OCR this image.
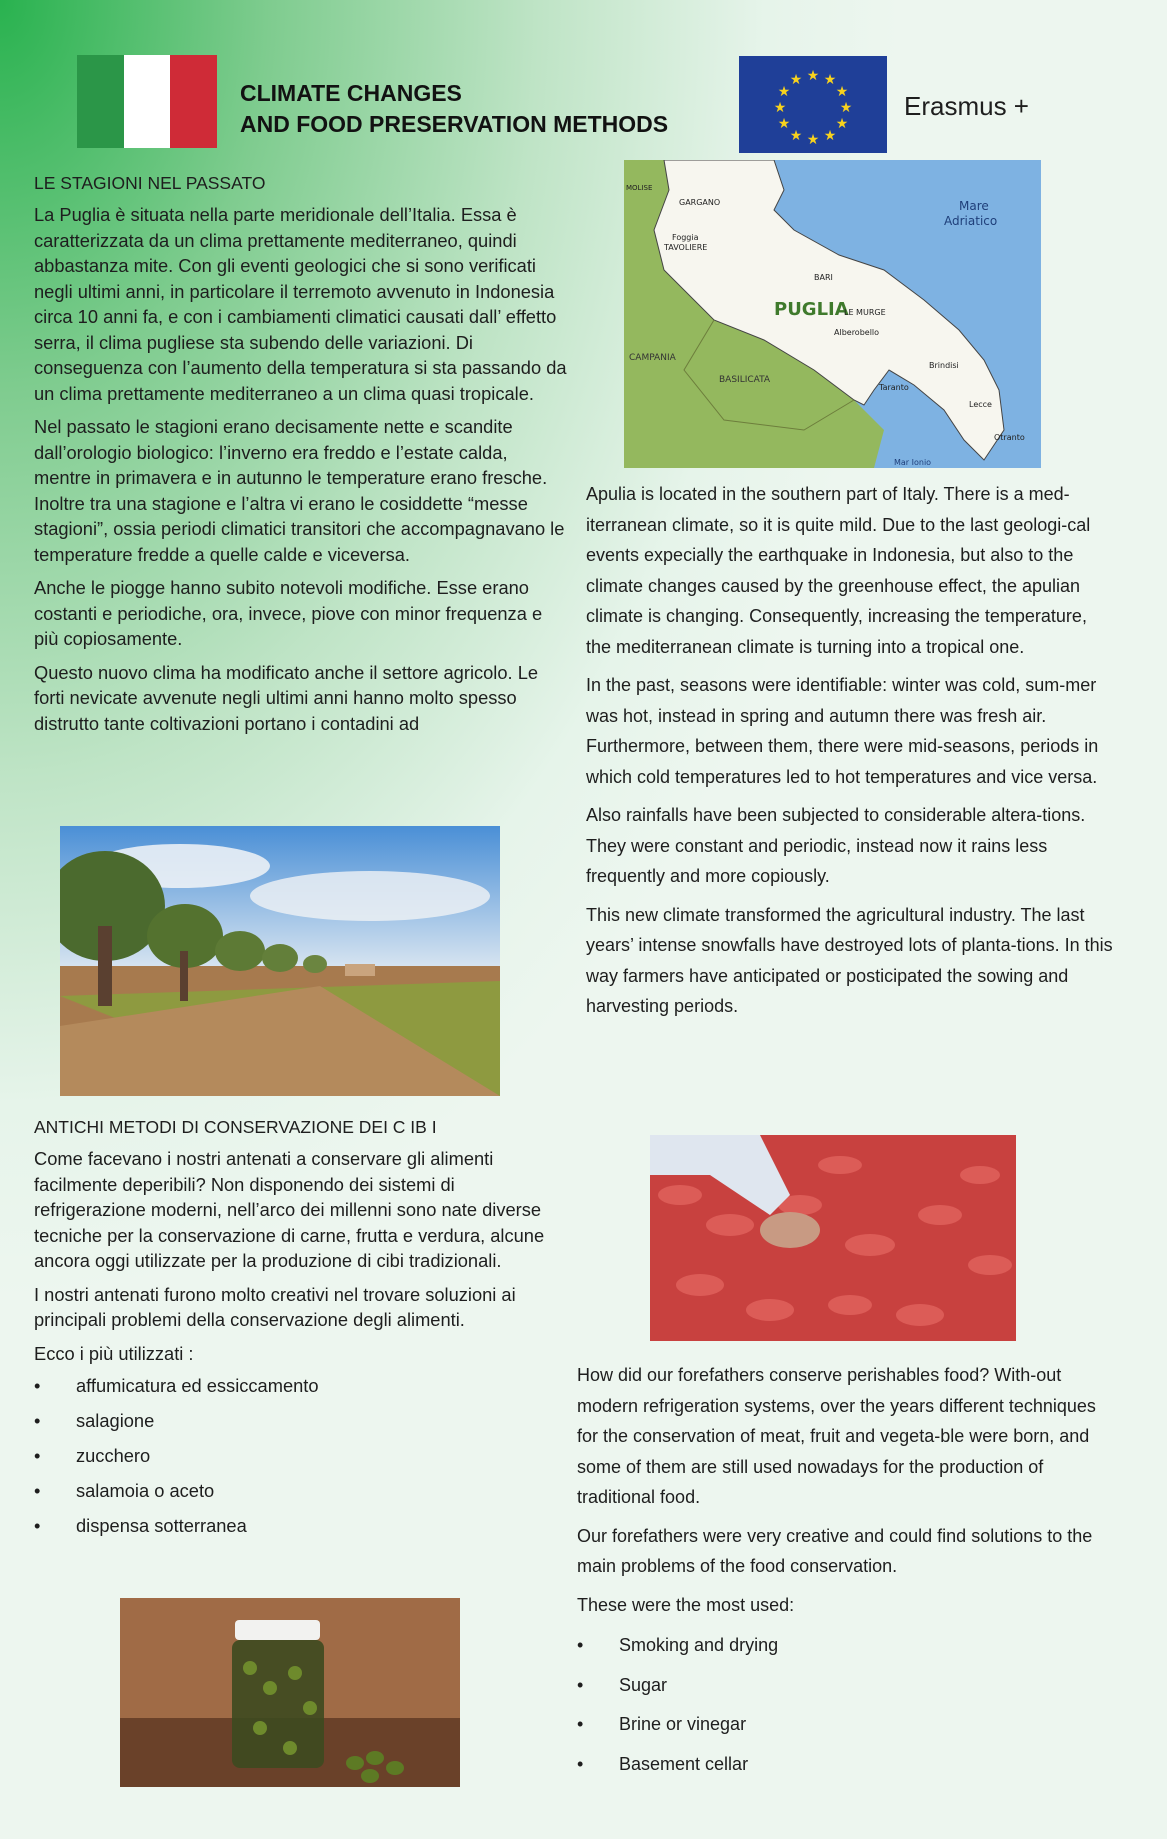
CLIMATE CHANGES
AND FOOD PRESERVATION METHODS
★ ★
★
★
★
★
★
★
★
★
★
★
Erasmus +
PUGLIA
Mare
Adriatico
CAMPANIA
BASILICATA
GARGANO
TAVOLIERE
Foggia
BARI
LE MURGE
Alberobello
Taranto
Brindisi
Lecce
Otranto
MOLISE
Mar Ionio
LE STAGIONI NEL PASSATO

La Puglia è situata nella parte meridionale dell’Italia. Essa è caratterizzata da un clima prettamente mediterraneo, quindi abbastanza mite. Con gli eventi geologici che si sono verificati negli ultimi anni, in particolare il terremoto avvenuto in Indonesia circa 10 anni fa, e con i cambiamenti climatici causati dall’ effetto serra, il clima pugliese sta subendo delle variazioni. Di conseguenza con l’aumento della temperatura si sta passando da un clima prettamente mediterraneo a un clima quasi tropicale.

Nel passato le stagioni erano decisamente nette e scandite dall’orologio biologico: l’inverno era freddo e l’estate calda, mentre in primavera e in autunno le temperature erano fresche. Inoltre tra una stagione e l’altra vi erano le cosiddette “messe stagioni”, ossia periodi climatici transitori che accompagnavano le temperature fredde a quelle calde e viceversa.

Anche le piogge hanno subito notevoli modifiche. Esse erano costanti e periodiche, ora, invece, piove con minor frequenza e più copiosamente.

Questo nuovo clima ha modificato anche il settore agricolo. Le forti nevicate avvenute negli ultimi anni hanno molto spesso distrutto tante coltivazioni portano i contadini ad

Apulia is located in the southern part of Italy. There is a med-iterranean climate, so it is quite mild. Due to the last geologi-cal events expecially the earthquake in Indonesia, but also to the climate changes caused by the greenhouse effect, the apulian climate is changing. Consequently, increasing the temperature, the mediterranean climate is turning into a tropical one.

In the past, seasons were identifiable: winter was cold, sum-mer was hot, instead in spring and autumn there was fresh air. Furthermore, between them, there were mid-seasons, periods in which cold temperatures led to hot temperatures and vice versa.

Also rainfalls have been subjected to considerable altera-tions. They were constant and periodic, instead now it rains less frequently and more copiously.

This new climate transformed the agricultural industry. The last years’ intense snowfalls have destroyed lots of planta-tions. In this way farmers have anticipated or posticipated the sowing and harvesting periods.

ANTICHI METODI DI CONSERVAZIONE DEI C IB I

Come facevano i nostri antenati a conservare gli alimenti facilmente deperibili? Non disponendo dei sistemi di refrigerazione moderni, nell’arco dei millenni sono nate diverse tecniche per la conservazione di carne, frutta e verdura, alcune ancora oggi utilizzate per la produzione di cibi tradizionali.

I nostri antenati furono molto creativi nel trovare soluzioni ai principali problemi della conservazione degli alimenti.

Ecco i più utilizzati :

• affumicatura ed essiccamento
• salagione
• zucchero
• salamoia o aceto
• dispensa sotterranea

How did our forefathers conserve perishables food? With-out modern refrigeration systems, over the years different techniques for the conservation of meat, fruit and vegeta-ble were born, and some of them are still used nowadays for the production of traditional food.

Our forefathers were very creative and could find solutions to the main problems of the food conservation.

These were the most used:

• Smoking and drying
• Sugar
• Brine or vinegar
• Basement cellar
